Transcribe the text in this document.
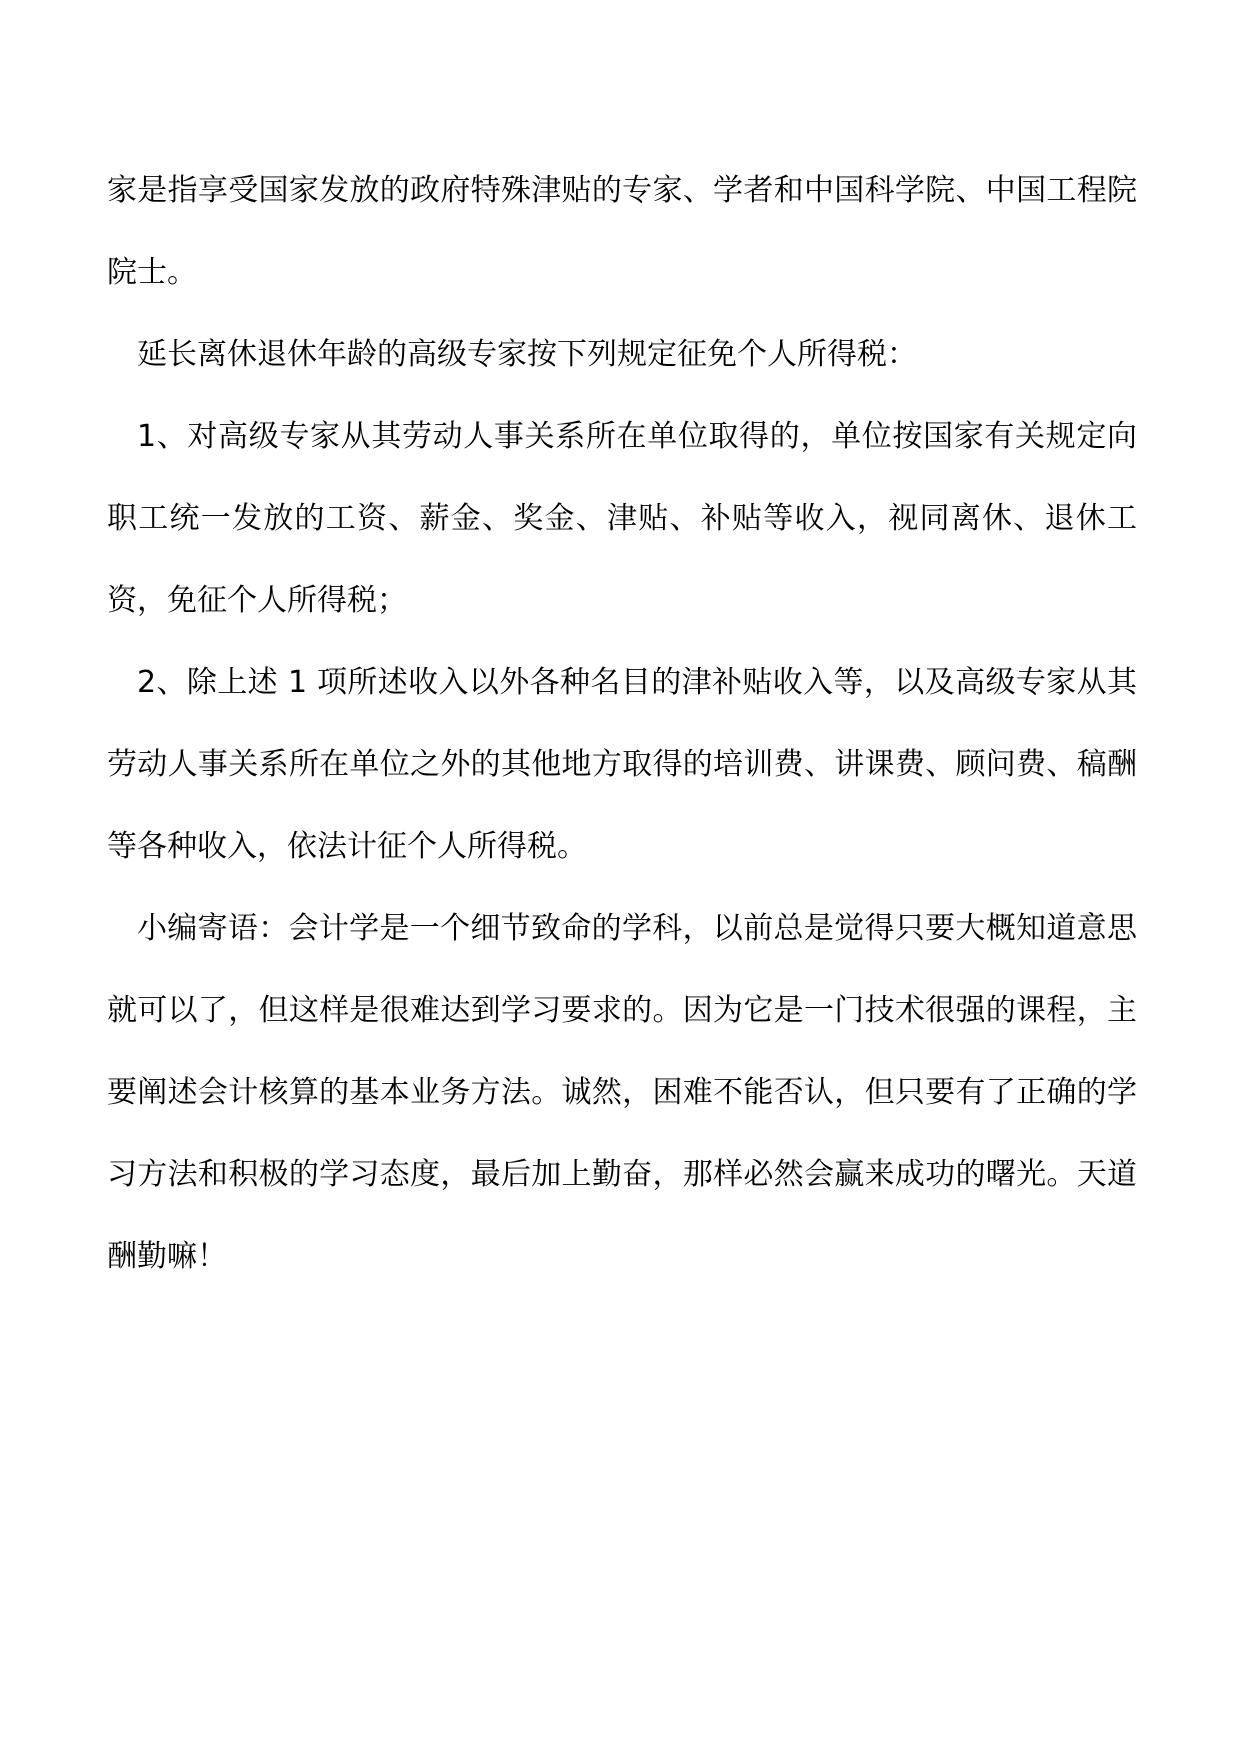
家是指享受国家发放的政府特殊津贴的专家、学者和中国科学院、中国工程院院士。

延长离休退休年龄的高级专家按下列规定征免个人所得税：

1、对高级专家从其劳动人事关系所在单位取得的，单位按国家有关规定向职工统一发放的工资、薪金、奖金、津贴、补贴等收入，视同离休、退休工资，免征个人所得税；

2、除上述 1 项所述收入以外各种名目的津补贴收入等，以及高级专家从其劳动人事关系所在单位之外的其他地方取得的培训费、讲课费、顾问费、稿酬等各种收入，依法计征个人所得税。

小编寄语：会计学是一个细节致命的学科，以前总是觉得只要大概知道意思就可以了，但这样是很难达到学习要求的。因为它是一门技术很强的课程，主要阐述会计核算的基本业务方法。诚然，困难不能否认，但只要有了正确的学习方法和积极的学习态度，最后加上勤奋，那样必然会赢来成功的曙光。天道酬勤嘛！
